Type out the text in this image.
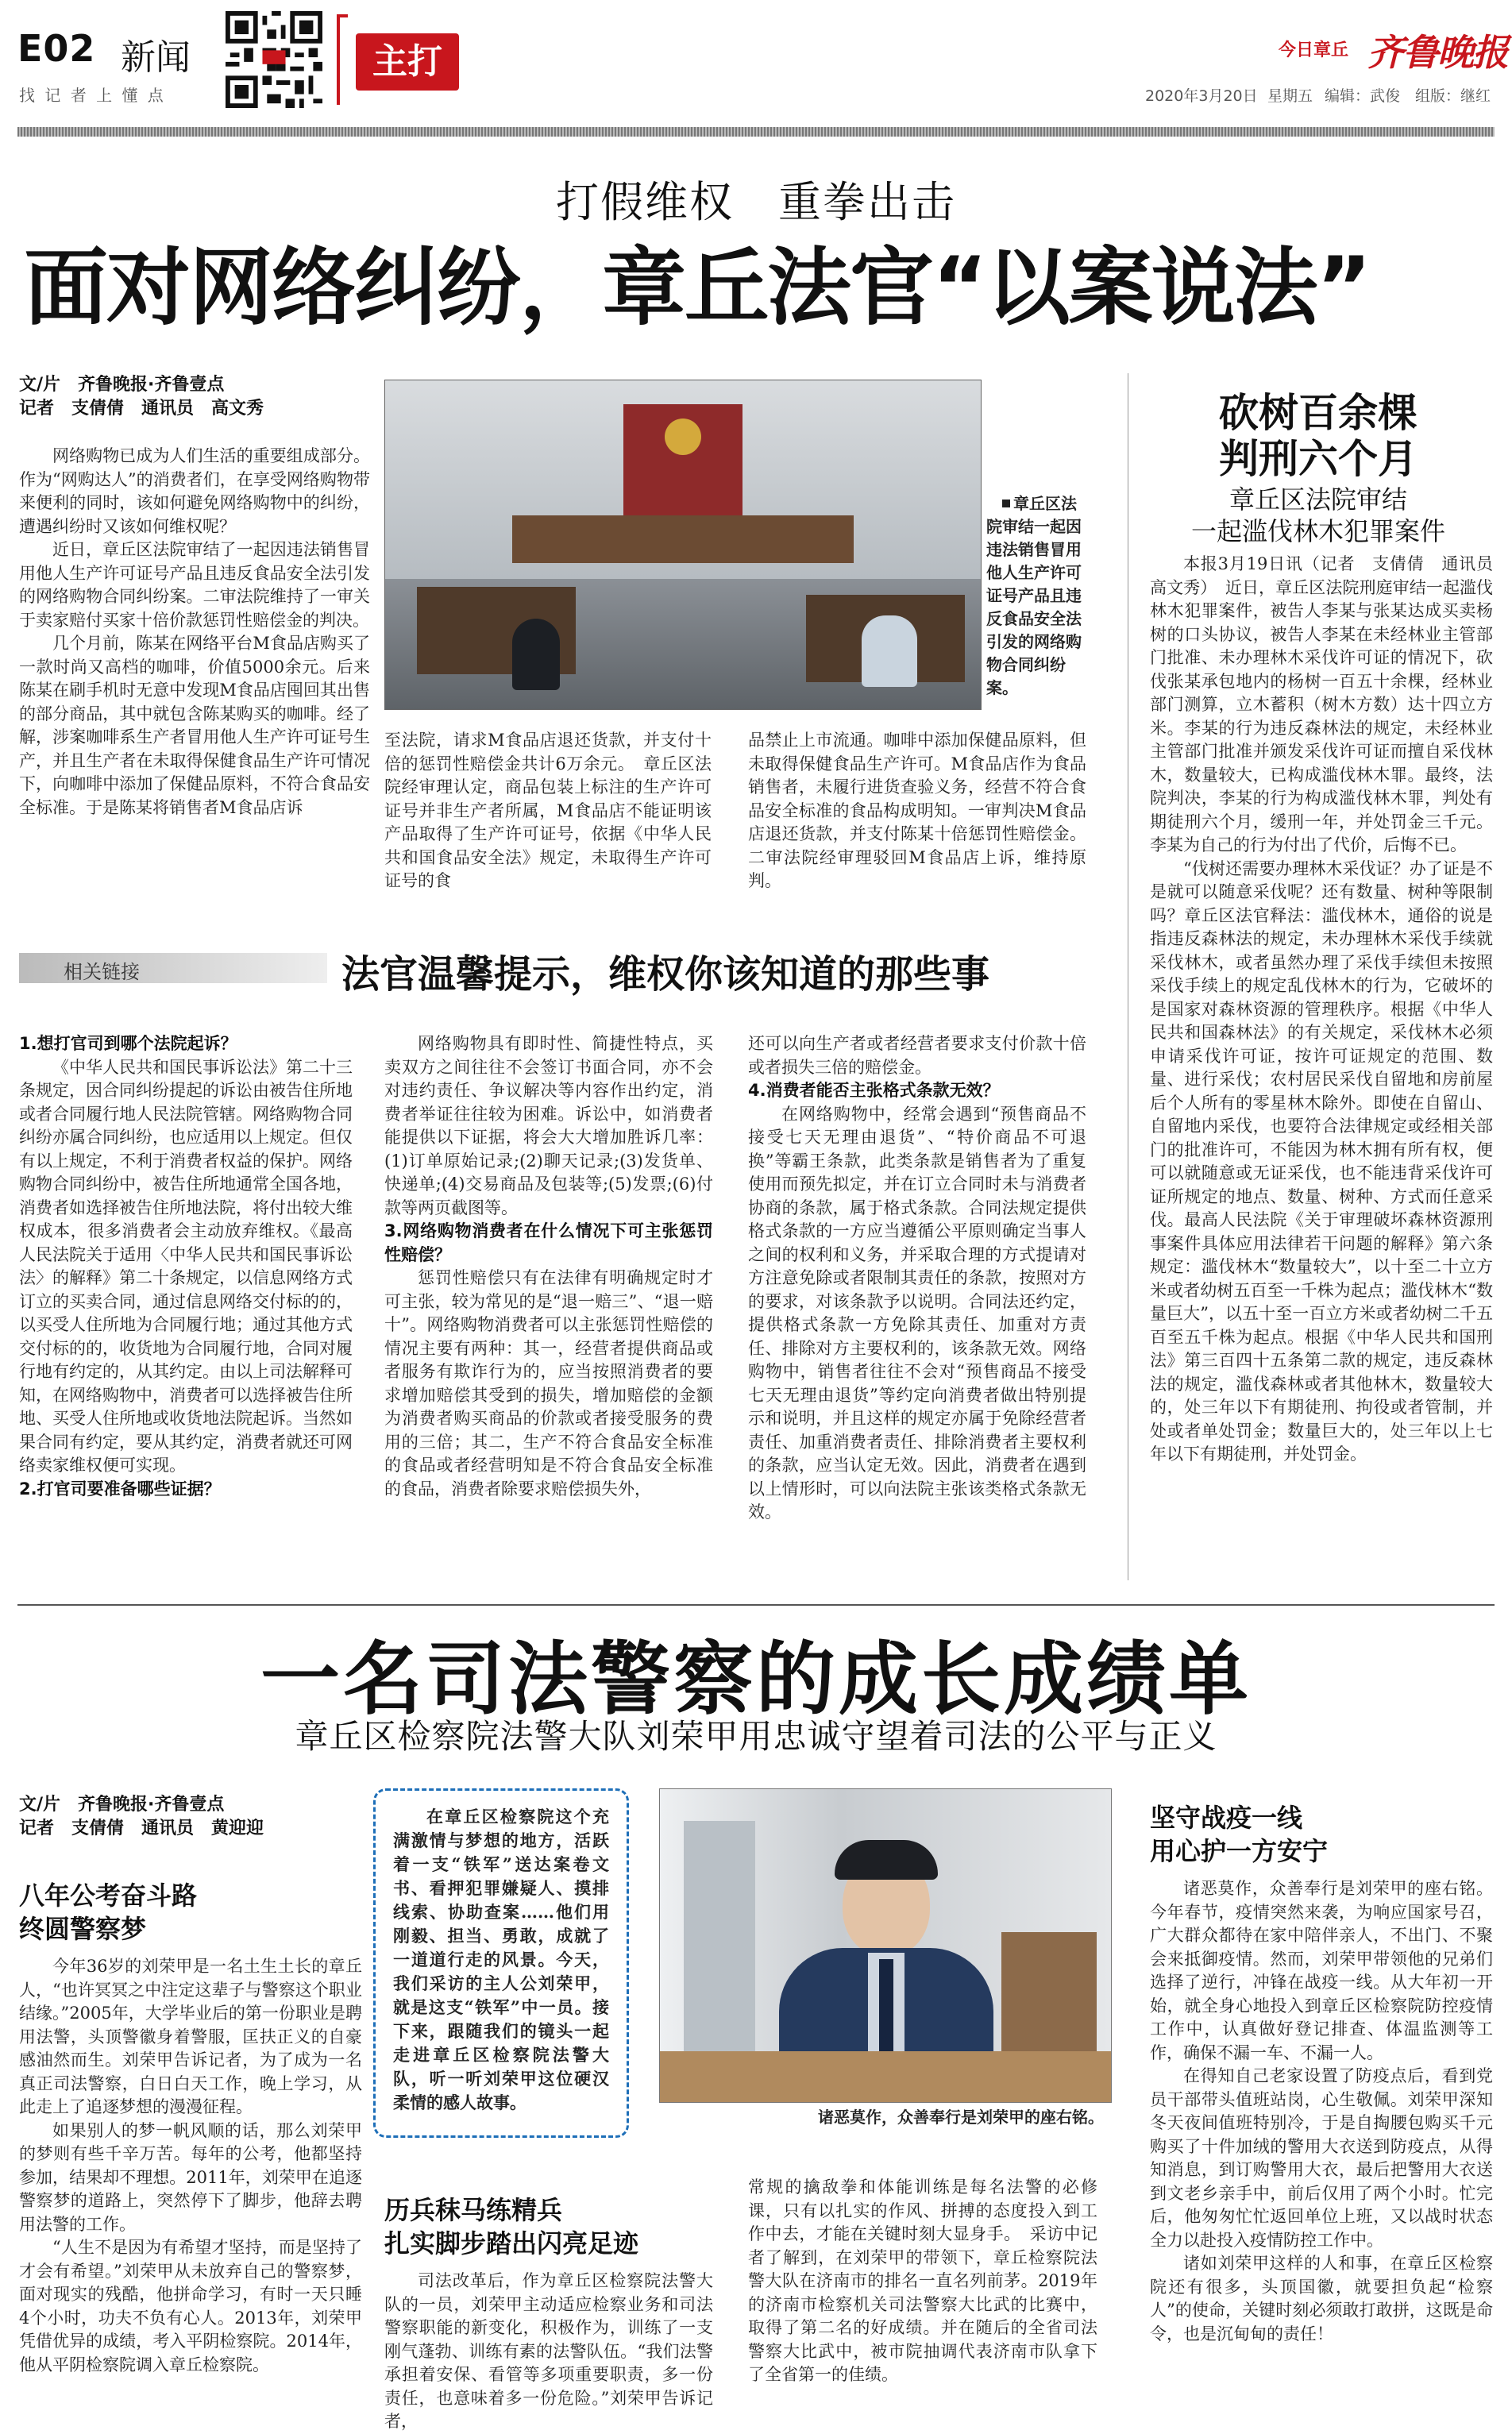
E02 新闻
找 记 者 上 懂 点
主打	今日章丘 齐鲁晚报
2020年3月20日 星期五 编辑：武俊 组版：继红
打假维权　重拳出击
面对网络纠纷，章丘法官“以案说法”
文/片　齐鲁晚报·齐鲁壹点
记者　支倩倩　通讯员　高文秀

网络购物已成为人们生活的重要组成部分。作为“网购达人”的消费者们，在享受网络购物带来便利的同时，该如何避免网络购物中的纠纷，遭遇纠纷时又该如何维权呢？

近日，章丘区法院审结了一起因违法销售冒用他人生产许可证号产品且违反食品安全法引发的网络购物合同纠纷案。二审法院维持了一审关于卖家赔付买家十倍价款惩罚性赔偿金的判决。

几个月前，陈某在网络平台M食品店购买了一款时尚又高档的咖啡，价值5000余元。后来陈某在刷手机时无意中发现M食品店囤回其出售的部分商品，其中就包含陈某购买的咖啡。经了解，涉案咖啡系生产者冒用他人生产许可证号生产，并且生产者在未取得保健食品生产许可情况下，向咖啡中添加了保健品原料，不符合食品安全标准。于是陈某将销售者M食品店诉

章丘区法院审结一起因违法销售冒用他人生产许可证号产品且违反食品安全法引发的网络购物合同纠纷案。

至法院，请求M食品店退还货款，并支付十倍的惩罚性赔偿金共计6万余元。　章丘区法院经审理认定，商品包装上标注的生产许可证号并非生产者所属，M食品店不能证明该产品取得了生产许可证号，依据《中华人民共和国食品安全法》规定，未取得生产许可证号的食

品禁止上市流通。咖啡中添加保健品原料，但未取得保健食品生产许可。M食品店作为食品销售者，未履行进货查验义务，经营不符合食品安全标准的食品构成明知。一审判决M食品店退还货款，并支付陈某十倍惩罚性赔偿金。二审法院经审理驳回M食品店上诉，维持原判。

砍树百余棵
判刑六个月
章丘区法院审结
一起滥伐林木犯罪案件

本报3月19日讯（记者　支倩倩　通讯员　高文秀）　近日，章丘区法院刑庭审结一起滥伐林木犯罪案件，被告人李某与张某达成买卖杨树的口头协议，被告人李某在未经林业主管部门批准、未办理林木采伐许可证的情况下，砍伐张某承包地内的杨树一百五十余棵，经林业部门测算，立木蓄积（树木方数）达十四立方米。李某的行为违反森林法的规定，未经林业主管部门批准并颁发采伐许可证而擅自采伐林木，数量较大，已构成滥伐林木罪。最终，法院判决，李某的行为构成滥伐林木罪，判处有期徒刑六个月，缓刑一年，并处罚金三千元。李某为自己的行为付出了代价，后悔不已。

“伐树还需要办理林木采伐证？办了证是不是就可以随意采伐呢？还有数量、树种等限制吗？章丘区法官释法：滥伐林木，通俗的说是指违反森林法的规定，未办理林木采伐手续就采伐林木，或者虽然办理了采伐手续但未按照采伐手续上的规定乱伐林木的行为，它破坏的是国家对森林资源的管理秩序。根据《中华人民共和国森林法》的有关规定，采伐林木必须申请采伐许可证，按许可证规定的范围、数量、进行采伐；农村居民采伐自留地和房前屋后个人所有的零星林木除外。即使在自留山、自留地内采伐，也要符合法律规定或经相关部门的批准许可，不能因为林木拥有所有权，便可以就随意或无证采伐，也不能违背采伐许可证所规定的地点、数量、树种、方式而任意采伐。最高人民法院《关于审理破坏森林资源刑事案件具体应用法律若干问题的解释》第六条规定：滥伐林木“数量较大”，以十至二十立方米或者幼树五百至一千株为起点；滥伐林木“数量巨大”，以五十至一百立方米或者幼树二千五百至五千株为起点。根据《中华人民共和国刑法》第三百四十五条第二款的规定，违反森林法的规定，滥伐森林或者其他林木，数量较大的，处三年以下有期徒刑、拘役或者管制，并处或者单处罚金；数量巨大的，处三年以上七年以下有期徒刑，并处罚金。

相关链接	法官温馨提示，维权你该知道的那些事

1.想打官司到哪个法院起诉？

《中华人民共和国民事诉讼法》第二十三条规定，因合同纠纷提起的诉讼由被告住所地或者合同履行地人民法院管辖。网络购物合同纠纷亦属合同纠纷，也应适用以上规定。但仅有以上规定，不利于消费者权益的保护。网络购物合同纠纷中，被告住所地通常全国各地，消费者如选择被告住所地法院，将付出较大维权成本，很多消费者会主动放弃维权。《最高人民法院关于适用〈中华人民共和国民事诉讼法〉的解释》第二十条规定，以信息网络方式订立的买卖合同，通过信息网络交付标的的，以买受人住所地为合同履行地；通过其他方式交付标的的，收货地为合同履行地，合同对履行地有约定的，从其约定。由以上司法解释可知，在网络购物中，消费者可以选择被告住所地、买受人住所地或收货地法院起诉。当然如果合同有约定，要从其约定，消费者就还可网络卖家维权便可实现。

2.打官司要准备哪些证据？

网络购物具有即时性、简捷性特点，买卖双方之间往往不会签订书面合同，亦不会对违约责任、争议解决等内容作出约定，消费者举证往往较为困难。诉讼中，如消费者能提供以下证据，将会大大增加胜诉几率：(1)订单原始记录;(2)聊天记录;(3)发货单、快递单;(4)交易商品及包装等;(5)发票;(6)付款等两页截图等。

3.网络购物消费者在什么情况下可主张惩罚性赔偿？

惩罚性赔偿只有在法律有明确规定时才可主张，较为常见的是“退一赔三”、“退一赔十”。网络购物消费者可以主张惩罚性赔偿的情况主要有两种：其一，经营者提供商品或者服务有欺诈行为的，应当按照消费者的要求增加赔偿其受到的损失，增加赔偿的金额为消费者购买商品的价款或者接受服务的费用的三倍；其二，生产不符合食品安全标准的食品或者经营明知是不符合食品安全标准的食品，消费者除要求赔偿损失外，

还可以向生产者或者经营者要求支付价款十倍或者损失三倍的赔偿金。

4.消费者能否主张格式条款无效？

在网络购物中，经常会遇到“预售商品不接受七天无理由退货”、“特价商品不可退换”等霸王条款，此类条款是销售者为了重复使用而预先拟定，并在订立合同时未与消费者协商的条款，属于格式条款。合同法规定提供格式条款的一方应当遵循公平原则确定当事人之间的权利和义务，并采取合理的方式提请对方注意免除或者限制其责任的条款，按照对方的要求，对该条款予以说明。合同法还约定，提供格式条款一方免除其责任、加重对方责任、排除对方主要权利的，该条款无效。网络购物中，销售者往往不会对“预售商品不接受七天无理由退货”等约定向消费者做出特别提示和说明，并且这样的规定亦属于免除经营者责任、加重消费者责任、排除消费者主要权利的条款，应当认定无效。因此，消费者在遇到以上情形时，可以向法院主张该类格式条款无效。

一名司法警察的成长成绩单
章丘区检察院法警大队刘荣甲用忠诚守望着司法的公平与正义
文/片　齐鲁晚报·齐鲁壹点
记者　支倩倩　通讯员　黄迎迎
八年公考奋斗路
终圆警察梦

今年36岁的刘荣甲是一名土生土长的章丘人，“也许冥冥之中注定这辈子与警察这个职业结缘。”2005年，大学毕业后的第一份职业是聘用法警，头顶警徽身着警服，匡扶正义的自豪感油然而生。刘荣甲告诉记者，为了成为一名真正司法警察，白日白天工作，晚上学习，从此走上了追逐梦想的漫漫征程。

如果别人的梦一帆风顺的话，那么刘荣甲的梦则有些千辛万苦。每年的公考，他都坚持参加，结果却不理想。2011年，刘荣甲在追逐警察梦的道路上，突然停下了脚步，他辞去聘用法警的工作。

“人生不是因为有希望才坚持，而是坚持了才会有希望。”刘荣甲从未放弃自己的警察梦，面对现实的残酷，他拼命学习，有时一天只睡4个小时，功夫不负有心人。2013年，刘荣甲凭借优异的成绩，考入平阴检察院。2014年，他从平阴检察院调入章丘检察院。

在章丘区检察院这个充满激情与梦想的地方，活跃着一支“铁军”送达案卷文书、看押犯罪嫌疑人、摸排线索、协助查案……他们用刚毅、担当、勇敢，成就了一道道行走的风景。今天，我们采访的主人公刘荣甲，就是这支“铁军”中一员。接下来，跟随我们的镜头一起走进章丘区检察院法警大队，听一听刘荣甲这位硬汉柔情的感人故事。
诸恶莫作，众善奉行是刘荣甲的座右铭。
历兵秣马练精兵
扎实脚步踏出闪亮足迹

司法改革后，作为章丘区检察院法警大队的一员，刘荣甲主动适应检察业务和司法警察职能的新变化，积极作为，训练了一支刚气蓬勃、训练有素的法警队伍。“我们法警承担着安保、看管等多项重要职责，多一份责任，也意味着多一份危险。”刘荣甲告诉记者，

常规的擒敌拳和体能训练是每名法警的必修课，只有以扎实的作风、拼搏的态度投入到工作中去，才能在关键时刻大显身手。　采访中记者了解到，在刘荣甲的带领下，章丘检察院法警大队在济南市的排名一直名列前茅。2019年的济南市检察机关司法警察大比武的比赛中，取得了第二名的好成绩。并在随后的全省司法警察大比武中，被市院抽调代表济南市队拿下了全省第一的佳绩。

坚守战疫一线
用心护一方安宁

诸恶莫作，众善奉行是刘荣甲的座右铭。今年春节，疫情突然来袭，为响应国家号召，广大群众都待在家中陪伴亲人，不出门、不聚会来抵御疫情。然而，刘荣甲带领他的兄弟们选择了逆行，冲锋在战疫一线。从大年初一开始，就全身心地投入到章丘区检察院防控疫情工作中，认真做好登记排查、体温监测等工作，确保不漏一车、不漏一人。

在得知自己老家设置了防疫点后，看到党员干部带头值班站岗，心生敬佩。刘荣甲深知冬天夜间值班特别冷，于是自掏腰包购买千元购买了十件加绒的警用大衣送到防疫点，从得知消息，到订购警用大衣，最后把警用大衣送到文老乡亲手中，前后仅用了两个小时。忙完后，他匆匆忙忙返回单位上班，又以战时状态全力以赴投入疫情防控工作中。

诸如刘荣甲这样的人和事，在章丘区检察院还有很多，头顶国徽，就要担负起“检察人”的使命，关键时刻必须敢打敢拼，这既是命令，也是沉甸甸的责任！
